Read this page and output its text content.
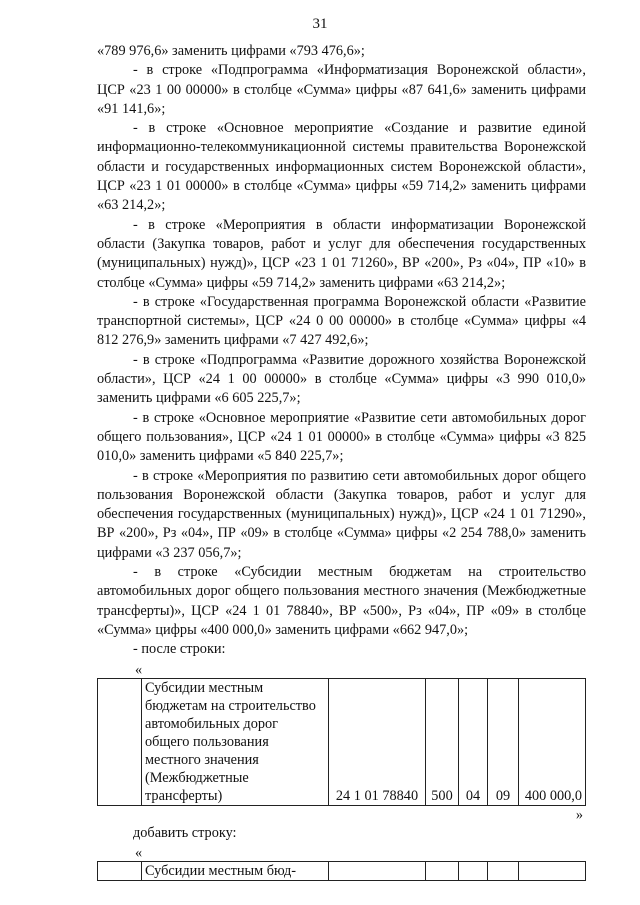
31

«789 976,6» заменить цифрами «793 476,6»;

- в строке «Подпрограмма «Информатизация Воронежской области», ЦСР «23 1 00 00000» в столбце «Сумма» цифры «87 641,6» заменить цифрами «91 141,6»;

- в строке «Основное мероприятие «Создание и развитие единой информационно-телекоммуникационной системы правительства Воронежской области и государственных информационных систем Воронежской области», ЦСР «23 1 01 00000» в столбце «Сумма» цифры «59 714,2» заменить цифрами «63 214,2»;

- в строке «Мероприятия в области информатизации Воронежской области (Закупка товаров, работ и услуг для обеспечения государственных (муниципальных) нужд)», ЦСР «23 1 01 71260», ВР «200», Рз «04», ПР «10» в столбце «Сумма» цифры «59 714,2» заменить цифрами «63 214,2»;

- в строке «Государственная программа Воронежской области «Развитие транспортной системы», ЦСР «24 0 00 00000» в столбце «Сумма» цифры «4 812 276,9» заменить цифрами «7 427 492,6»;

- в строке «Подпрограмма «Развитие дорожного хозяйства Воронежской области», ЦСР «24 1 00 00000» в столбце «Сумма» цифры «3 990 010,0» заменить цифрами «6 605 225,7»;

- в строке «Основное мероприятие «Развитие сети автомобильных дорог общего пользования», ЦСР «24 1 01 00000» в столбце «Сумма» цифры «3 825 010,0» заменить цифрами «5 840 225,7»;

- в строке «Мероприятия по развитию сети автомобильных дорог общего пользования Воронежской области (Закупка товаров, работ и услуг для обеспечения государственных (муниципальных) нужд)», ЦСР «24 1 01 71290», ВР «200», Рз «04», ПР «09» в столбце «Сумма» цифры «2 254 788,0» заменить цифрами «3 237 056,7»;

- в строке «Субсидии местным бюджетам на строительство автомобильных дорог общего пользования местного значения (Межбюджетные трансферты)», ЦСР «24 1 01 78840», ВР «500», Рз «04», ПР «09» в столбце «Сумма» цифры «400 000,0» заменить цифрами «662 947,0»;

- после строки:

«

	Субсидии местным бюджетам на строительство автомобильных дорог общего пользования местного значения (Межбюджетные трансферты)	24 1 01 78840	500	04	09	400 000,0

»

добавить строку:

«

	Субсидии местным бюд-					
